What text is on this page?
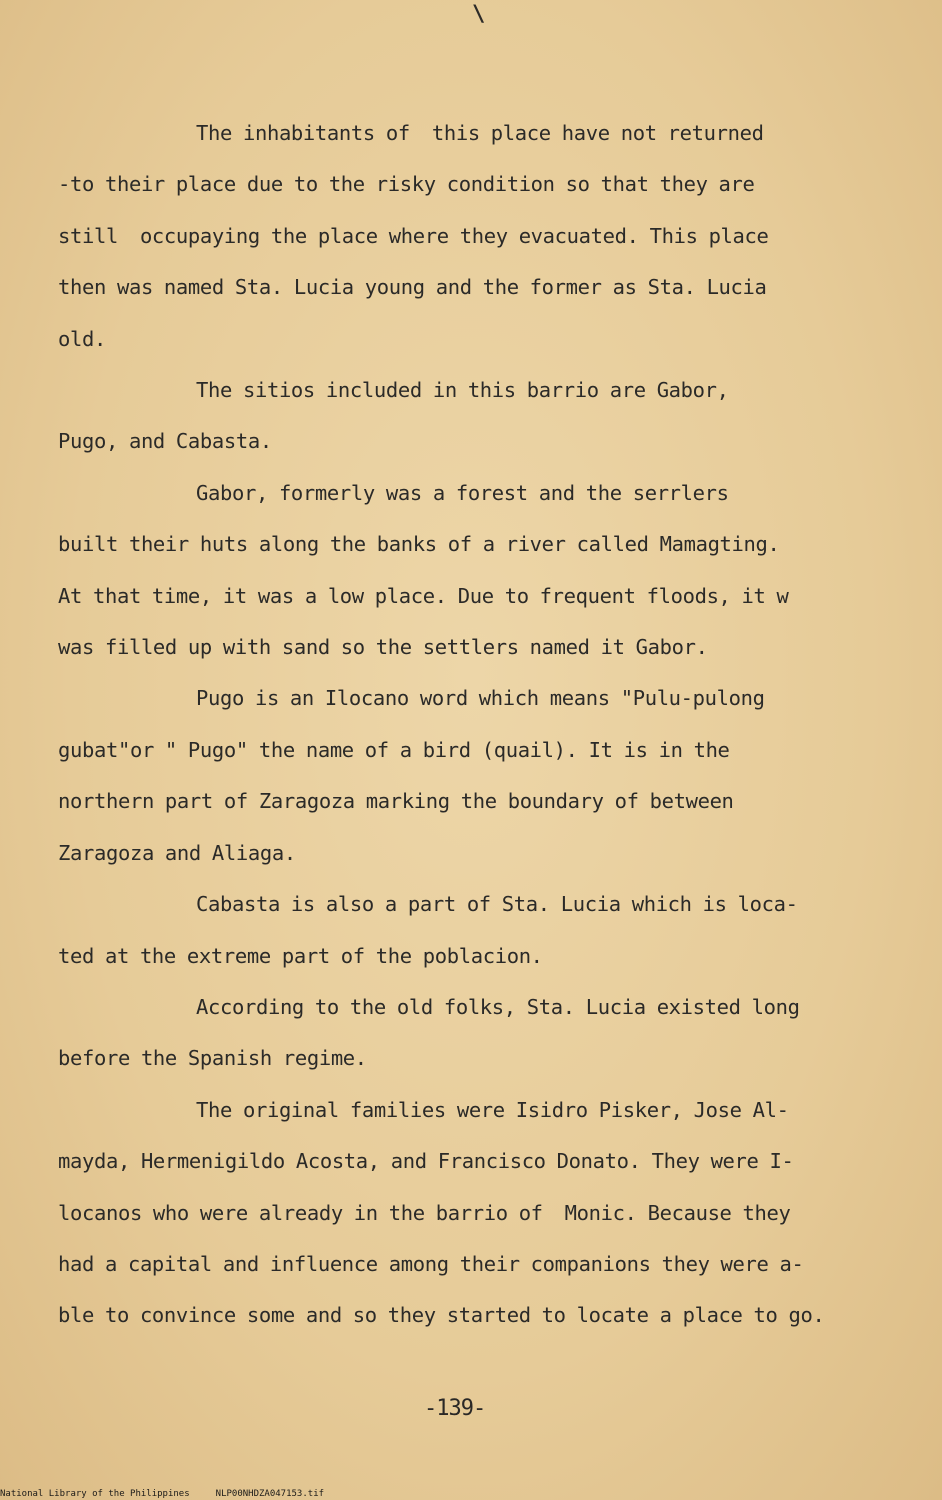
\
The inhabitants of  this place have not returned
-to their place due to the risky condition so that they are
still  occupaying the place where they evacuated. This place
then was named Sta. Lucia young and the former as Sta. Lucia
old.
The sitios included in this barrio are Gabor,
Pugo, and Cabasta.
Gabor, formerly was a forest and the serrlers
built their huts along the banks of a river called Mamagting.
At that time, it was a low place. Due to frequent floods, it w
was filled up with sand so the settlers named it Gabor.
Pugo is an Ilocano word which means "Pulu-pulong
gubat"or " Pugo" the name of a bird (quail). It is in the
northern part of Zaragoza marking the boundary of between
Zaragoza and Aliaga.
Cabasta is also a part of Sta. Lucia which is loca-
ted at the extreme part of the poblacion.
According to the old folks, Sta. Lucia existed long
before the Spanish regime.
The original families were Isidro Pisker, Jose Al-
mayda, Hermenigildo Acosta, and Francisco Donato. They were I-
locanos who were already in the barrio of  Monic. Because they
had a capital and influence among their companions they were a-
ble to convince some and so they started to locate a place to go.
-139-
National Library of the Philippines	NLP00NHDZA047153.tif
